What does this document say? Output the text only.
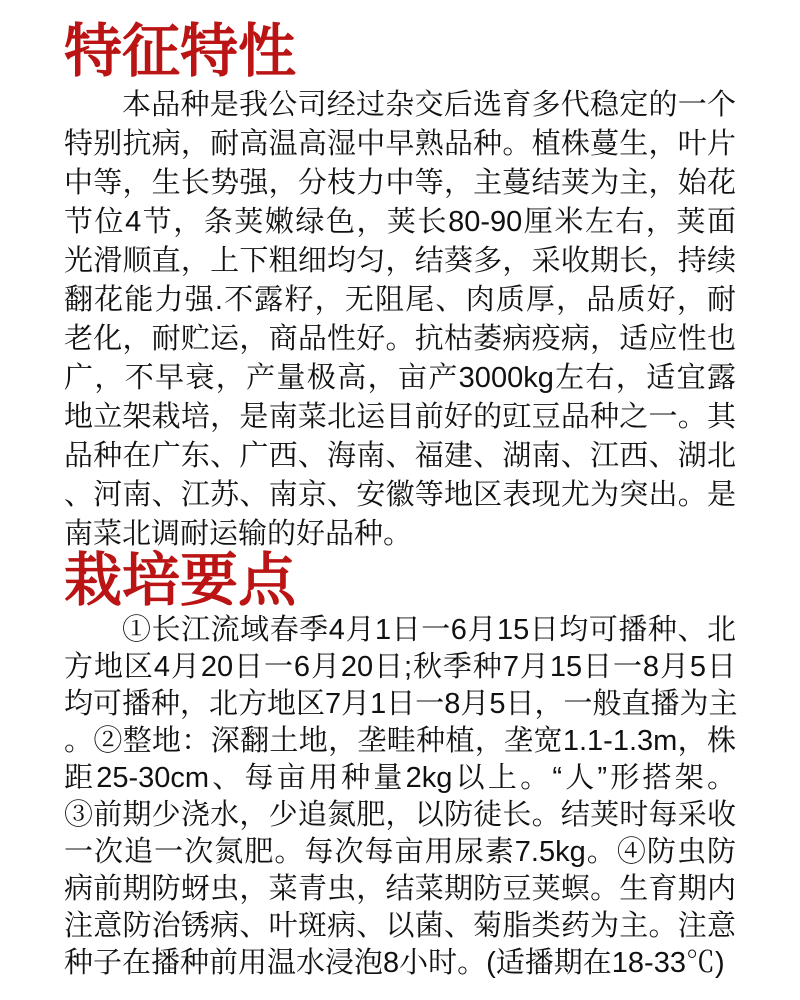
特征特性
本品种是我公司经过杂交后选育多代稳定的一个
特别抗病，耐高温高湿中早熟品种。植株蔓生，叶片
中等，生长势强，分枝力中等，主蔓结荚为主，始花
节位4节，条荚嫩绿色，荚长80-90厘米左右，荚面
光滑顺直，上下粗细均匀，结葵多，采收期长，持续
翻花能力强.不露籽，无阻尾、肉质厚，品质好，耐
老化，耐贮运，商品性好。抗枯萎病疫病，适应性也
广，不早衰，产量极高，亩产3000kg左右，适宜露
地立架栽培，是南菜北运目前好的豇豆品种之一。其
品种在广东、广西、海南、福建、湖南、江西、湖北
、河南、江苏、南京、安徽等地区表现尤为突出。是
南菜北调耐运输的好品种。
栽培要点
①长江流域春季4月1日一6月15日均可播种、北
方地区4月20日一6月20日;秋季种7月15日一8月5日
均可播种，北方地区7月1日一8月5日，一般直播为主
。②整地：深翻土地，垄畦种植，垄宽1.1-1.3m，株
距25-30cm、每亩用种量2kg以上。“人”形搭架。
③前期少浇水，少追氮肥，以防徒长。结荚时每采收
一次追一次氮肥。每次每亩用尿素7.5kg。④防虫防
病前期防蚜虫，菜青虫，结菜期防豆荚螟。生育期内
注意防治锈病、叶斑病、以菌、菊脂类药为主。注意
种子在播种前用温水浸泡8小时。(适播期在18-33℃)
